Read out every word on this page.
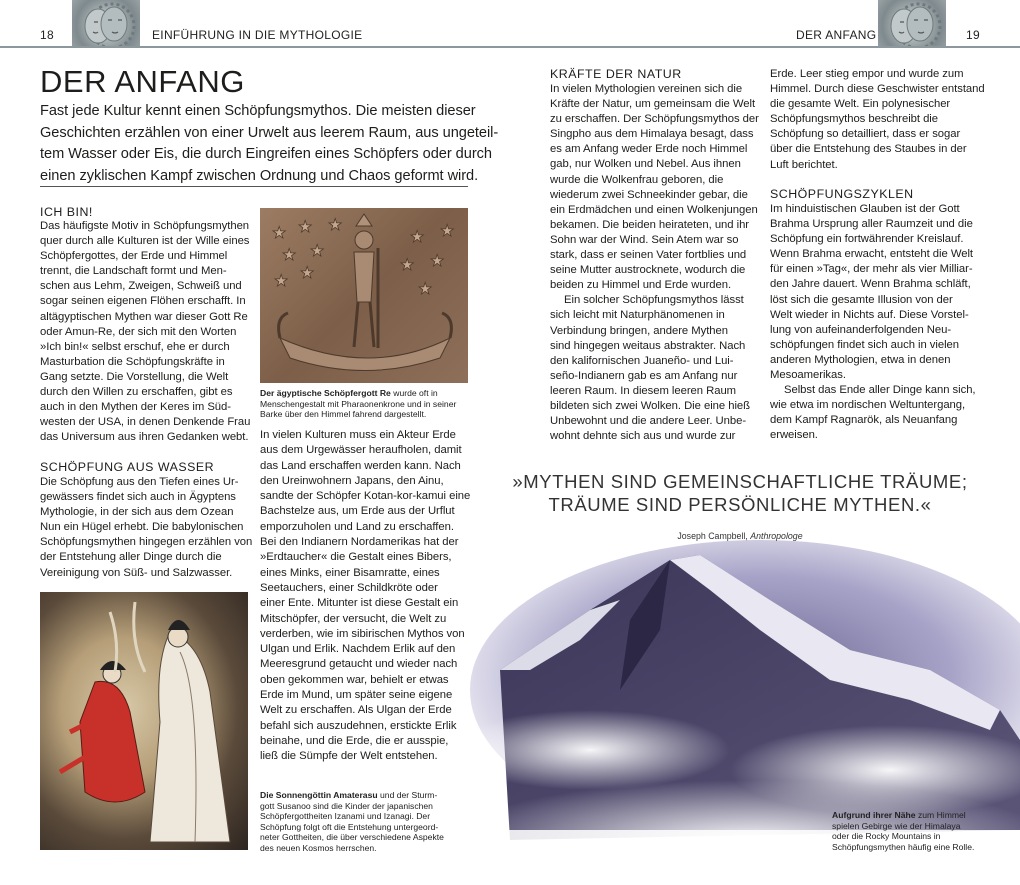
18	EINFÜHRUNG IN DIE MYTHOLOGIE	DER ANFANG	19
DER ANFANG
Fast jede Kultur kennt einen Schöpfungsmythos. Die meisten dieser
Geschichten erzählen von einer Urwelt aus leerem Raum, aus ungeteil-
tem Wasser oder Eis, die durch Eingreifen eines Schöpfers oder durch
einen zyklischen Kampf zwischen Ordnung und Chaos geformt wird.
ICH BIN!
Das häufigste Motiv in Schöpfungsmythen
quer durch alle Kulturen ist der Wille eines
Schöpfergottes, der Erde und Himmel
trennt, die Landschaft formt und Men-
schen aus Lehm, Zweigen, Schweiß und
sogar seinen eigenen Flöhen erschafft. In
altägyptischen Mythen war dieser Gott Re
oder Amun-Re, der sich mit den Worten
»Ich bin!« selbst erschuf, ehe er durch
Masturbation die Schöpfungskräfte in
Gang setzte. Die Vorstellung, die Welt
durch den Willen zu erschaffen, gibt es
auch in den Mythen der Keres im Süd-
westen der USA, in denen Denkende Frau
das Universum aus ihren Gedanken webt.
SCHÖPFUNG AUS WASSER
Die Schöpfung aus den Tiefen eines Ur-
gewässers findet sich auch in Ägyptens
Mythologie, in der sich aus dem Ozean
Nun ein Hügel erhebt. Die babylonischen
Schöpfungsmythen hingegen erzählen von
der Entstehung aller Dinge durch die
Vereinigung von Süß- und Salzwasser.
★ ★
★ ★
★
★ ★
★
★
★
★
★
Der ägyptische Schöpfergott Re wurde oft in
Menschengestalt mit Pharaonenkrone und in seiner
Barke über den Himmel fahrend dargestellt.
In vielen Kulturen muss ein Akteur Erde
aus dem Urgewässer heraufholen, damit
das Land erschaffen werden kann. Nach
den Ureinwohnern Japans, den Ainu,
sandte der Schöpfer Kotan-kor-kamui eine
Bachstelze aus, um Erde aus der Urflut
emporzuholen und Land zu erschaffen.
Bei den Indianern Nordamerikas hat der
»Erdtaucher« die Gestalt eines Bibers,
eines Minks, einer Bisamratte, eines
Seetauchers, einer Schildkröte oder
einer Ente. Mitunter ist diese Gestalt ein
Mitschöpfer, der versucht, die Welt zu
verderben, wie im sibirischen Mythos von
Ulgan und Erlik. Nachdem Erlik auf den
Meeresgrund getaucht und wieder nach
oben gekommen war, behielt er etwas
Erde im Mund, um später seine eigene
Welt zu erschaffen. Als Ulgan der Erde
befahl sich auszudehnen, erstickte Erlik
beinahe, und die Erde, die er ausspie,
ließ die Sümpfe der Welt entstehen.
Die Sonnengöttin Amaterasu und der Sturm-
gott Susanoo sind die Kinder der japanischen
Schöpfergottheiten Izanami und Izanagi. Der
Schöpfung folgt oft die Entstehung untergeord-
neter Gottheiten, die über verschiedene Aspekte
des neuen Kosmos herrschen.
Aufgrund ihrer Nähe zum Himmel
spielen Gebirge wie der Himalaya
oder die Rocky Mountains in
Schöpfungsmythen häufig eine Rolle.
KRÄFTE DER NATUR
In vielen Mythologien vereinen sich die
Kräfte der Natur, um gemeinsam die Welt
zu erschaffen. Der Schöpfungsmythos der
Singpho aus dem Himalaya besagt, dass
es am Anfang weder Erde noch Himmel
gab, nur Wolken und Nebel. Aus ihnen
wurde die Wolkenfrau geboren, die
wiederum zwei Schneekinder gebar, die
ein Erdmädchen und einen Wolkenjungen
bekamen. Die beiden heirateten, und ihr
Sohn war der Wind. Sein Atem war so
stark, dass er seinen Vater fortblies und
seine Mutter austrocknete, wodurch die
beiden zu Himmel und Erde wurden.
Ein solcher Schöpfungsmythos lässt
sich leicht mit Naturphänomenen in
Verbindung bringen, andere Mythen
sind hingegen weitaus abstrakter. Nach
den kalifornischen Juaneño- und Lui-
seño-Indianern gab es am Anfang nur
leeren Raum. In diesem leeren Raum
bildeten sich zwei Wolken. Die eine hieß
Unbewohnt und die andere Leer. Unbe-
wohnt dehnte sich aus und wurde zur
Erde. Leer stieg empor und wurde zum
Himmel. Durch diese Geschwister entstand
die gesamte Welt. Ein polynesischer
Schöpfungsmythos beschreibt die
Schöpfung so detailliert, dass er sogar
über die Entstehung des Staubes in der
Luft berichtet.
SCHÖPFUNGSZYKLEN
Im hinduistischen Glauben ist der Gott
Brahma Ursprung aller Raumzeit und die
Schöpfung ein fortwährender Kreislauf.
Wenn Brahma erwacht, entsteht die Welt
für einen »Tag«, der mehr als vier Milliar-
den Jahre dauert. Wenn Brahma schläft,
löst sich die gesamte Illusion von der
Welt wieder in Nichts auf. Diese Vorstel-
lung von aufeinanderfolgenden Neu-
schöpfungen findet sich auch in vielen
anderen Mythologien, etwa in denen
Mesoamerikas.
Selbst das Ende aller Dinge kann sich,
wie etwa im nordischen Weltuntergang,
dem Kampf Ragnarök, als Neuanfang
erweisen.
»MYTHEN SIND GEMEINSCHAFTLICHE TRÄUME;
TRÄUME SIND PERSÖNLICHE MYTHEN.«
Joseph Campbell, Anthropologe
